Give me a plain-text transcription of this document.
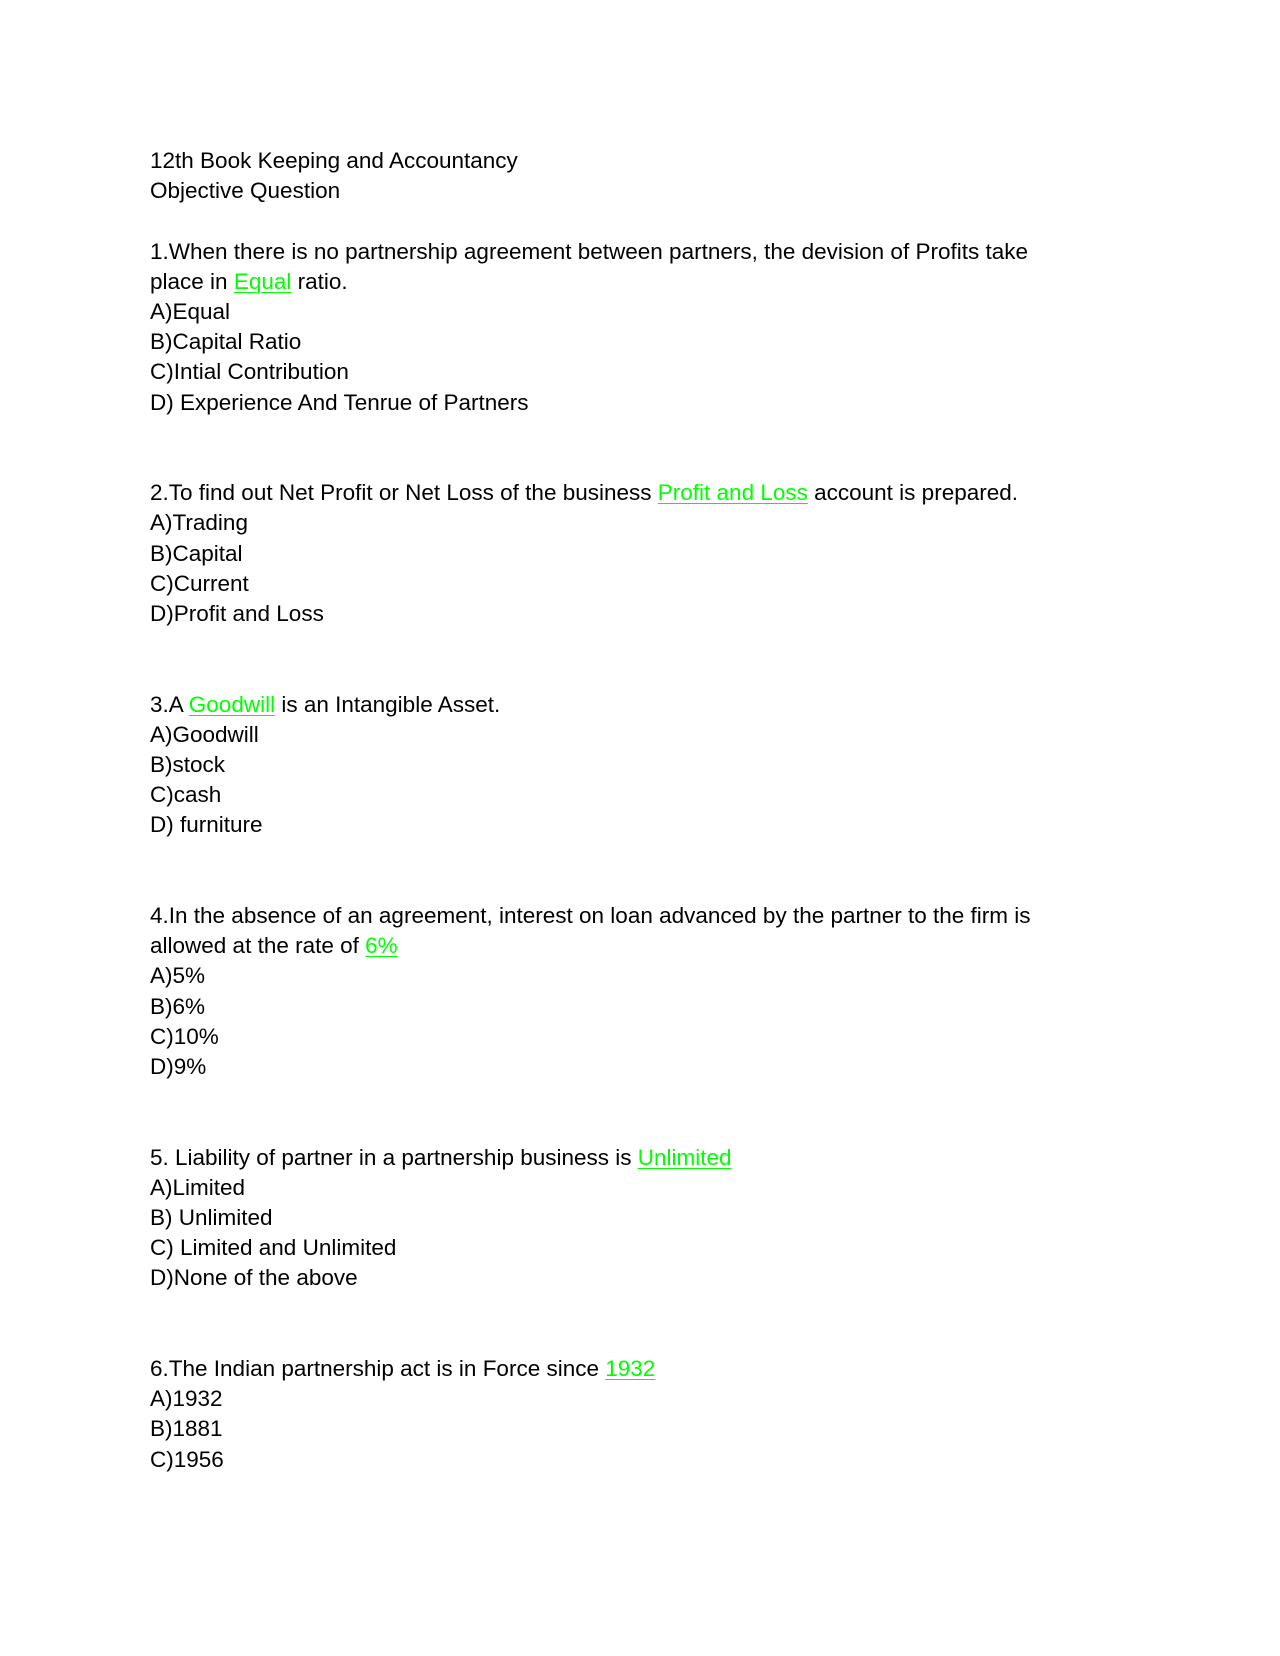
12th Book Keeping and Accountancy
Objective Question
1.When there is no partnership agreement between partners, the devision of Profits take place in Equal ratio.
A)Equal
B)Capital Ratio
C)Intial Contribution
D) Experience And Tenrue of Partners
2.To find out Net Profit or Net Loss of the business Profit and Loss account is prepared.
A)Trading
B)Capital
C)Current
D)Profit and Loss
3.A Goodwill is an Intangible Asset.
A)Goodwill
B)stock
C)cash
D) furniture
4.In the absence of an agreement, interest on loan advanced by the partner to the firm is allowed at the rate of 6%
A)5%
B)6%
C)10%
D)9%
5. Liability of partner in a partnership business is Unlimited
A)Limited
B) Unlimited
C) Limited and Unlimited
D)None of the above
6.The Indian partnership act is in Force since 1932
A)1932
B)1881
C)1956
